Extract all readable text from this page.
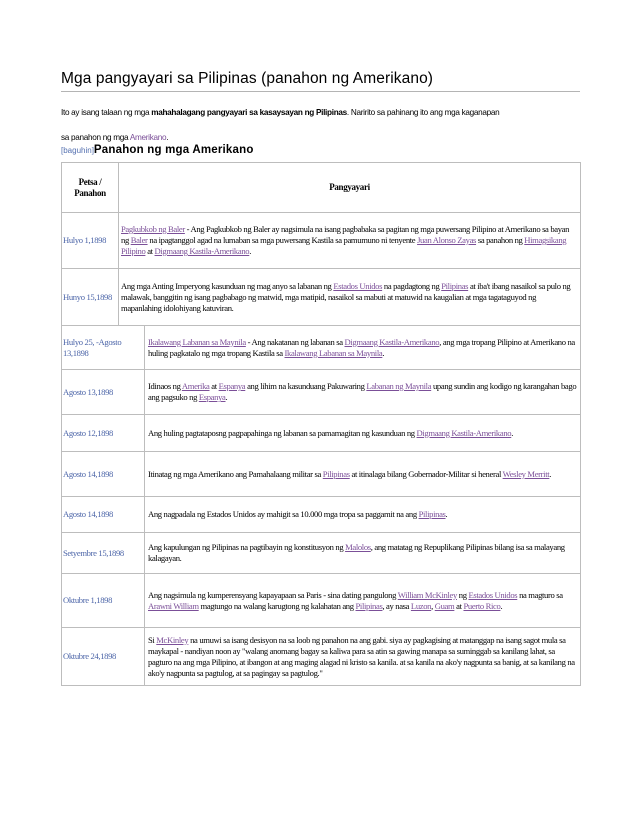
Mga pangyayari sa Pilipinas (panahon ng Amerikano)
Ito ay isang talaan ng mga mahahalagang pangyayari sa kasaysayan ng Pilipinas. Naririto sa pahinang ito ang mga kaganapan
sa panahon ng mga Amerikano.
[baguhin]Panahon ng mga Amerikano
Petsa / Panahon	Pangyayari	
Hulyo 1,1898	Pagkubkob ng Baler - Ang Pagkubkob ng Baler ay nagsimula na isang pagbabaka sa pagitan ng mga puwersang Pilipino at Amerikano sa bayan ng Baler na ipagtanggol agad na lumaban sa mga puwersang Kastila sa pamumuno ni tenyente Juan Alonso Zayas sa panahon ng Himagsikang Pilipino at Digmaang Kastila-Amerikano.	
Hunyo 15,1898	Ang mga Anting Imperyong kasunduan ng mag anyo sa labanan ng Estados Unidos na pagdagtong ng Pilipinas at iba't ibang nasaikol sa pulo ng malawak, banggitin ng isang pagbabago ng matwid, mga matipid, nasaikol sa mabuti at matuwid na kaugalian at mga tagataguyod ng mapanlahing idolohiyang katuviran.	
Hulyo 25, -Agosto 13,1898		Ikalawang Labanan sa Maynila - Ang nakatanan ng labanan sa Digmaang Kastila-Amerikano, ang mga tropang Pilipino at Amerikano na huling pagkatalo ng mga tropang Kastila sa Ikalawang Labanan sa Maynila.
Agosto 13,1898		Idinaos ng Amerika at Espanya ang lihim na kasunduang Pakuwaring Labanan ng Maynila upang sundin ang kodigo ng karangahan bago ang pagsuko ng Espanya.
Agosto 12,1898		Ang huling pagtataposng pagpapahinga ng labanan sa pamamagitan ng kasunduan ng Digmaang Kastila-Amerikano.
Agosto 14,1898		Itinatag ng mga Amerikano ang Pamahalaang militar sa Pilipinas at itinalaga bilang Gobernador-Militar si heneral Wesley Merritt.
Agosto 14,1898		Ang nagpadala ng Estados Unidos ay mahigit sa 10.000 mga tropa sa paggamit na ang Pilipinas.
Setyembre 15,1898		Ang kapulungan ng Pilipinas na pagtibayin ng konstitusyon ng Malolos, ang matatag ng Repuplikang Pilipinas bilang isa sa malayang kalagayan.
Oktubre 1,1898		Ang nagsimula ng kumperensyang kapayapaan sa Paris - sina dating pangulong William McKinley ng Estados Unidos na magturo sa Arawni William magtungo na walang karugtong ng kalahatan ang Pilipinas, ay nasa Luzon, Guam at Puerto Rico.
Oktubre 24,1898		Si McKinley na umuwi sa isang desisyon na sa loob ng panahon na ang gabi. siya ay pagkagising at matanggap na isang sagot mula sa maykapal - nandiyan noon ay "walang anomang bagay sa kaliwa para sa atin sa gawing manapa sa suminggab sa kanilang lahat, sa pagturo na ang mga Pilipino, at ibangon at ang maging alagad ni kristo sa kanila. at sa kanila na ako'y nagpunta sa banig, at sa kanilang na ako'y nagpunta sa pagtulog, at sa pagingay sa pagtulog."
